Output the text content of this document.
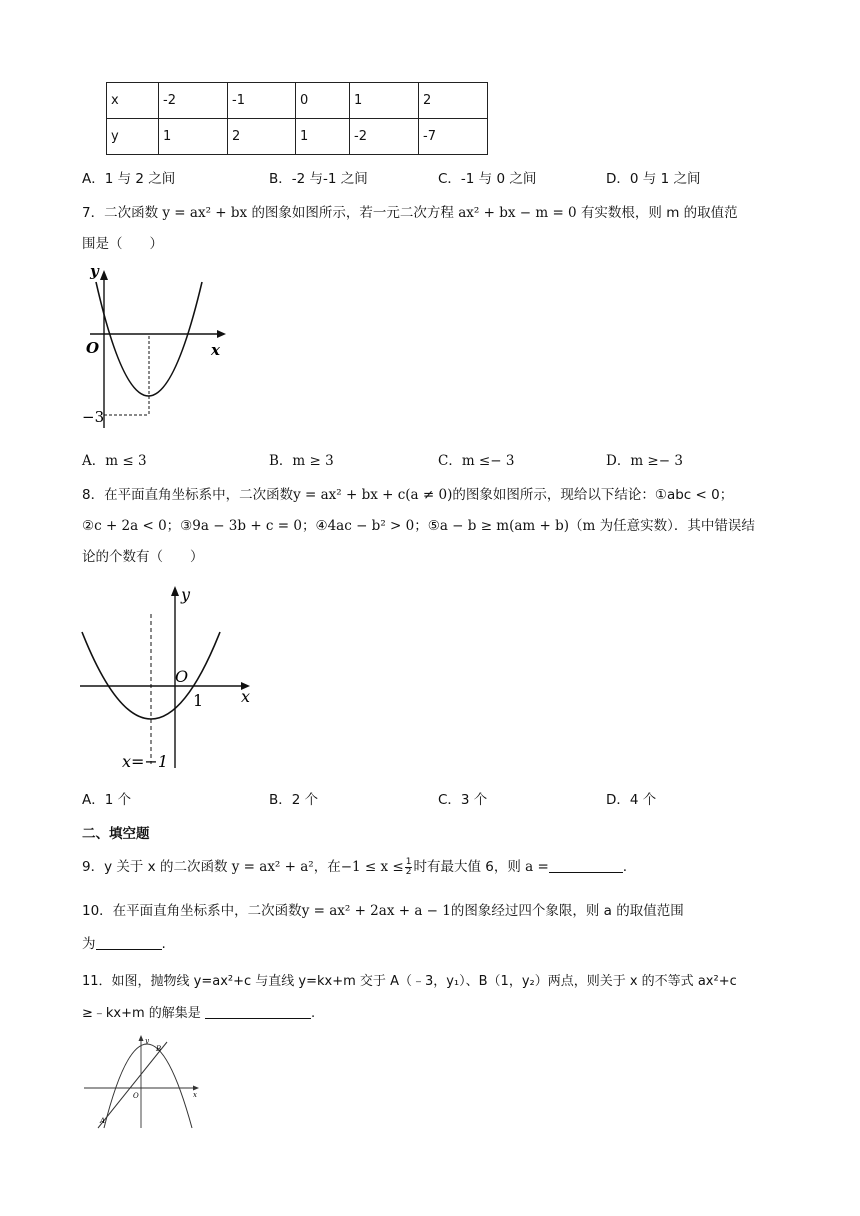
x	-2	-1	0	1	2
y	1	2	1	-2	-7
A．1 与 2 之间	B．-2 与-1 之间	C．-1 与 0 之间	D．0 与 1 之间
7．二次函数 y = ax² + bx 的图象如图所示，若一元二次方程 ax² + bx − m = 0 有实数根，则 m 的取值范
围是（　　）
y
x
O
−3
A．m ≤ 3	B．m ≥ 3	C．m ≤− 3	D．m ≥− 3
8．在平面直角坐标系中，二次函数y = ax² + bx + c(a ≠ 0)的图象如图所示，现给以下结论：①abc < 0；
②c + 2a < 0；③9a − 3b + c = 0；④4ac − b² > 0；⑤a − b ≥ m(am + b)（m 为任意实数）．其中错误结
论的个数有（　　）
y
x
O
1
x=−1
A．1 个	B．2 个	C．3 个	D．4 个
二、填空题
9．y 关于 x 的二次函数 y = ax² + a²，在$-1 \le x \le \frac{1}{2}$ 时有最大值 6，则 a =	.
10．在平面直角坐标系中，二次函数y = ax² + 2ax + a − 1的图象经过四个象限，则 a 的取值范围
为	.
11．如图，抛物线 y=ax²+c 与直线 y=kx+m 交于 A（﹣3，y₁）、B（1，y₂）两点，则关于 x 的不等式 ax²+c
≥﹣kx+m 的解集是	.
y
x
O
A
B
